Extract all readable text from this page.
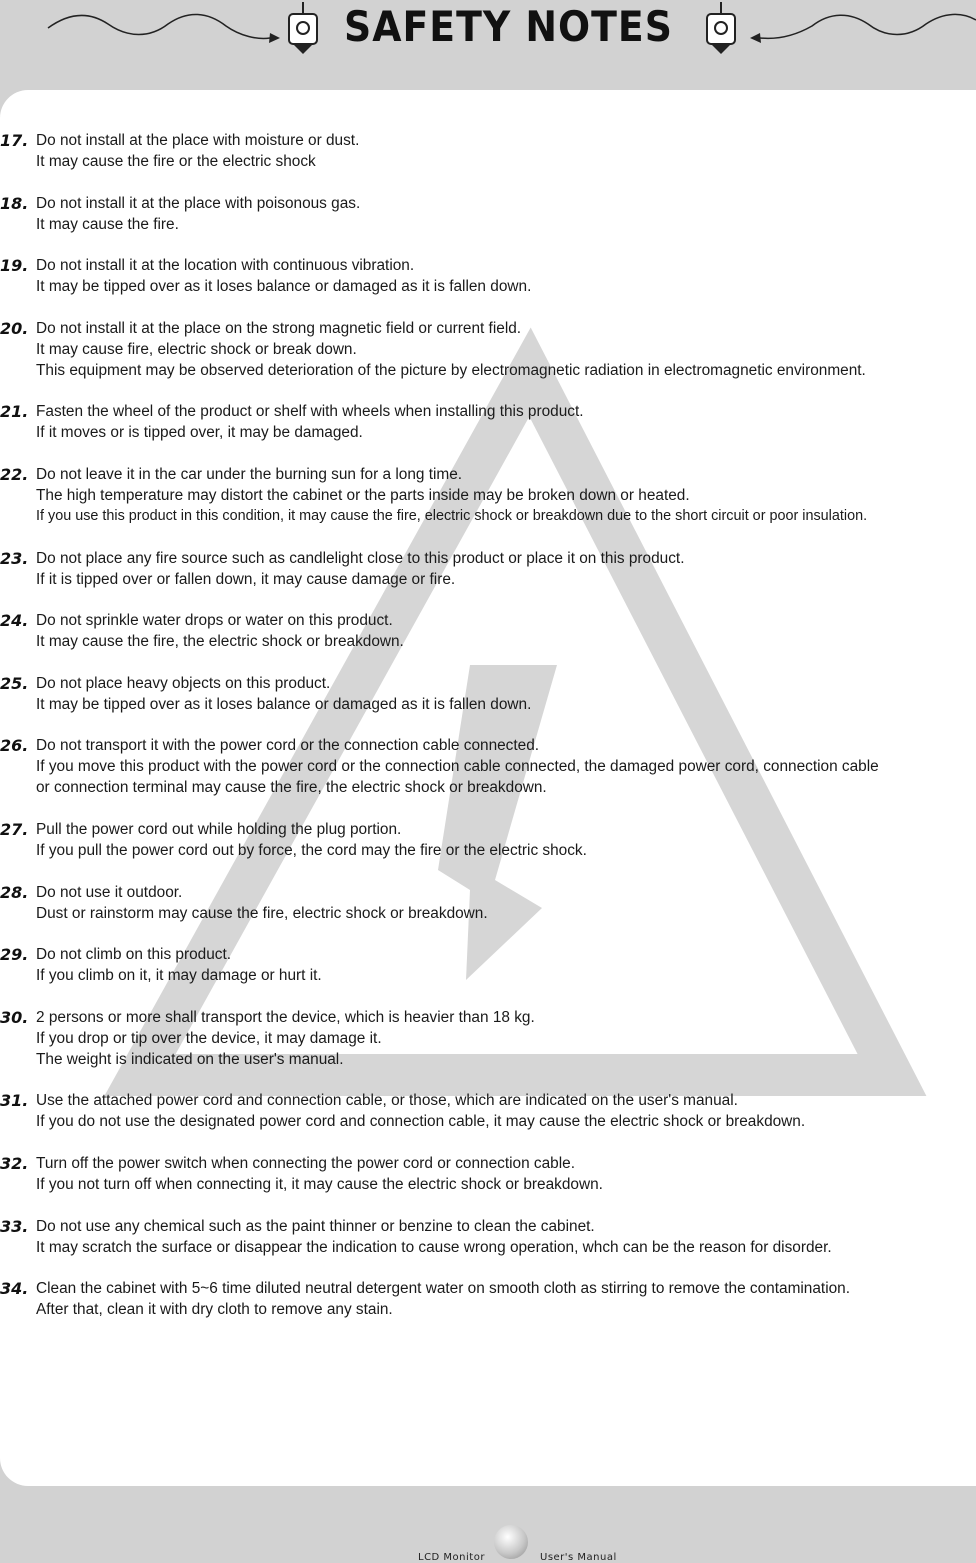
SAFETY NOTES
17. Do not install at the place with moisture or dust.
It may cause the fire or the electric shock
18. Do not install it at the place with poisonous gas.
It may cause the fire.
19. Do not install it at the location with continuous vibration.
It may be tipped over as it loses balance or damaged as it is fallen down.
20. Do not install it at the place on the strong magnetic field or current field.
It may cause fire, electric shock or break down.
This equipment may be observed deterioration of the picture by electromagnetic radiation in electromagnetic environment.
21. Fasten the wheel of the product or shelf with wheels when installing this product.
If it moves or is tipped over, it may be damaged.
22. Do not leave it in the car under the burning sun for a long time.
The high temperature may distort the cabinet or the parts inside may be broken down or heated.
If you use this product in this condition, it may cause the fire, electric shock or breakdown due to the short circuit or poor insulation.
23. Do not place any fire source such as candlelight close to this product or place it on this product.
If it is tipped over or fallen down, it may cause damage or fire.
24. Do not sprinkle water drops or water on this product.
It may cause the fire, the electric shock or breakdown.
25. Do not place heavy objects on this product.
It may be tipped over as it loses balance or damaged as it is fallen down.
26. Do not transport it with the power cord or the connection cable connected.
If you move this product with the power cord or the connection cable connected, the damaged power cord, connection cable
or connection terminal may cause the fire, the electric shock or breakdown.
27. Pull the power cord out while holding the plug portion.
If you pull the power cord out by force, the cord may the fire or the electric shock.
28. Do not use it outdoor.
Dust or rainstorm may cause the fire, electric shock or breakdown.
29. Do not climb on this product.
If you climb on it, it may damage or hurt it.
30. 2 persons or more shall transport the device, which is heavier than 18 kg.
If you drop or tip over the device, it may damage it.
The weight is indicated on the user's manual.
31. Use the attached power cord and connection cable, or those, which are indicated on the user's manual.
If you do not use the designated power cord and connection cable, it may cause the electric shock or breakdown.
32. Turn off the power switch when connecting the power cord or connection cable.
If you not turn off when connecting it, it may cause the electric shock or breakdown.
33. Do not use any chemical such as the paint thinner or benzine to clean the cabinet.
It may scratch the surface or disappear the indication to cause wrong operation, whch can be the reason for disorder.
34. Clean the cabinet with 5~6 time diluted neutral detergent water on smooth cloth as stirring to remove the contamination.
After that, clean it with dry cloth to remove any stain.
LCD Monitor	User's Manual
